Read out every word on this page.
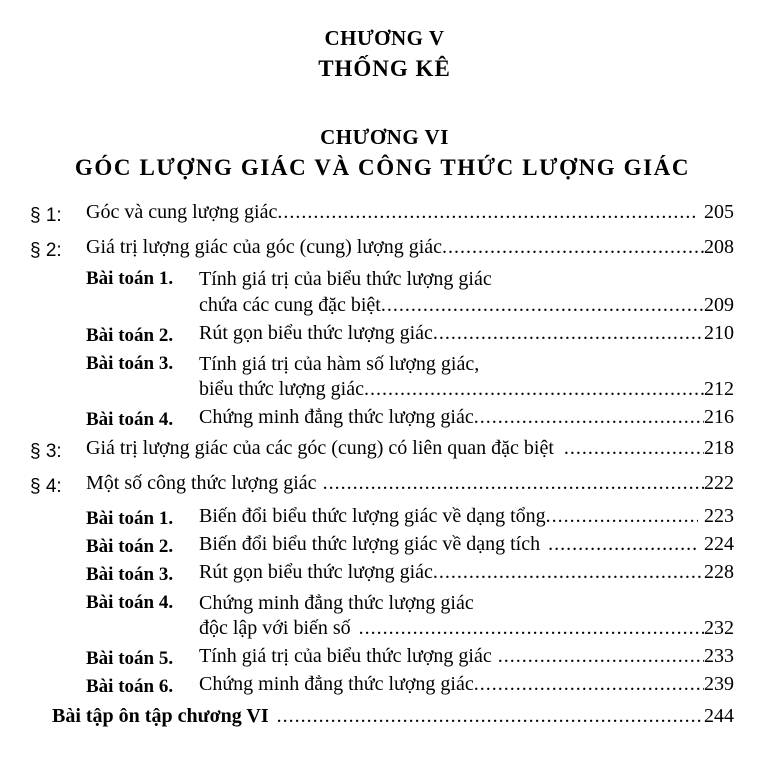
CHƯƠNG V
THỐNG KÊ
CHƯƠNG VI
GÓC LƯỢNG GIÁC VÀ CÔNG THỨC LƯỢNG GIÁC
§ 1: Góc và cung lượng giác .....	205
§ 2: Giá trị lượng giác của góc (cung) lượng giác .....	208
Bài toán 1. Tính giá trị của biểu thức lượng giác
chứa các cung đặc biệt .....	209
Bài toán 2. Rút gọn biểu thức lượng giác .....	210
Bài toán 3. Tính giá trị của hàm số lượng giác,
biểu thức lượng giác .....	212
Bài toán 4. Chứng minh đẳng thức lượng giác .....	216
§ 3: Giá trị lượng giác của các góc (cung) có liên quan đặc biệt .....	218
§ 4: Một số công thức lượng giác .....	222
Bài toán 1. Biến đổi biểu thức lượng giác về dạng tổng .....	223
Bài toán 2. Biến đổi biểu thức lượng giác về dạng tích .....	224
Bài toán 3. Rút gọn biểu thức lượng giác .....	228
Bài toán 4. Chứng minh đẳng thức lượng giác
độc lập với biến số .....	232
Bài toán 5. Tính giá trị của biểu thức lượng giác .....	233
Bài toán 6. Chứng minh đẳng thức lượng giác .....	239
Bài tập ôn tập chương VI .....	244
